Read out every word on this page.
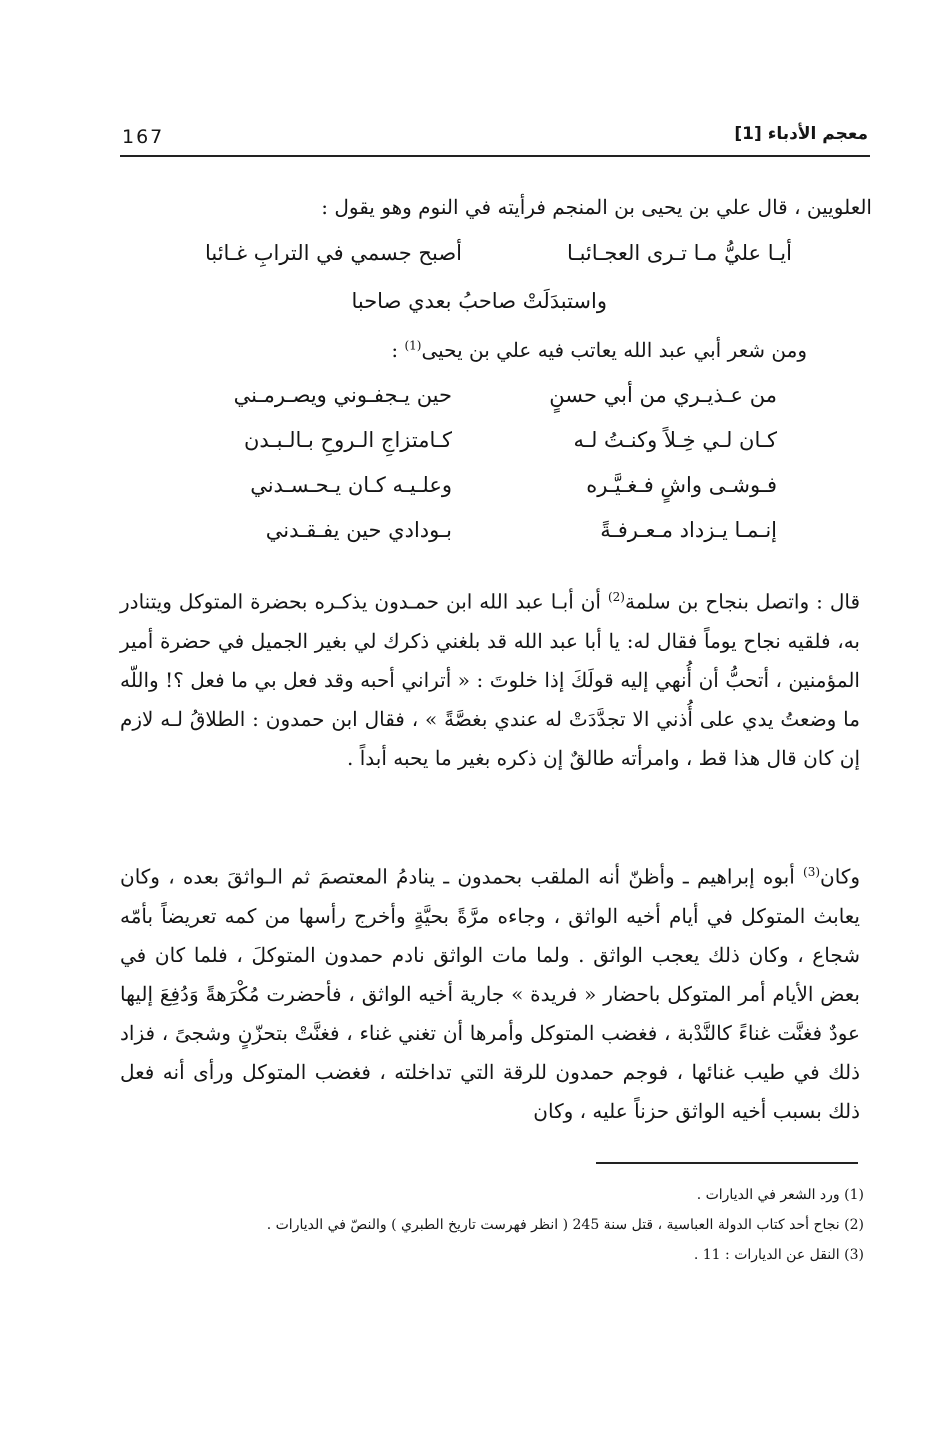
167	معجم الأدباء [1]
العلويين ، قال علي بن يحيى بن المنجم فرأيته في النوم وهو يقول :
أيـا عليُّ مـا تـرى العجـائبـا
أصبح جسمي في الترابِ غـائبا
واستبدَلَتْ صاحبُ بعدي صاحبا
ومن شعر أبي عبد الله يعاتب فيه علي بن يحيى$^{(1)}$ :
من عـذيـري من أبي حسنٍ
حين يـجفـوني ويصـرمـني
كـان لـي خِـلاً وكنـتُ لـه
كـامتزاجِ الـروحِ بـالـبـدن
فـوشـى واشٍ فـغـيَّـره
وعلـيـه كـان يـحـسـدني
إنـمـا يـزداد مـعـرفـةً
بـودادي حين يفـقـدني
قال : واتصل بنجاح بن سلمة$^{(2)}$ أن أبـا عبد الله ابن حمـدون يذكـره بحضرة المتوكل ويتنادر به، فلقيه نجاح يوماً فقال له: يا أبا عبد الله قد بلغني ذكرك لي بغير الجميل في حضرة أمير المؤمنين ، أتحبُّ أن أُنهي إليه قولَكَ إذا خلوتَ : « أتراني أحبه وقد فعل بي ما فعل ؟! واللّه ما وضعتُ يدي على أُذني الا تجدَّدَتْ له عندي بغصَّةً » ، فقال ابن حمدون : الطلاقُ لـه لازم إن كان قال هذا قط ، وامرأته طالقٌ إن ذكره بغير ما يحبه أبداً .
وكان$^{(3)}$ أبوه إبراهيم ـ وأظنّ أنه الملقب بحمدون ـ ينادمُ المعتصمَ ثم الـواثقَ بعده ، وكان يعابث المتوكل في أيام أخيه الواثق ، وجاءه مرَّةً بحيَّةٍ وأخرج رأسها من كمه تعريضاً بأمّه شجاع ، وكان ذلك يعجب الواثق . ولما مات الواثق نادم حمدون المتوكلَ ، فلما كان في بعض الأيام أمر المتوكل باحضار « فريدة » جارية أخيه الواثق ، فأحضرت مُكْرَهةً وَدُفِعَ إليها عودٌ فغنَّت غناءً كالنَّدْبة ، فغضب المتوكل وأمرها أن تغني غناء ، فغنَّتْ بتحزّنٍ وشجىً ، فزاد ذلك في طيب غنائها ، فوجم حمدون للرقة التي تداخلته ، فغضب المتوكل ورأى أنه فعل ذلك بسبب أخيه الواثق حزناً عليه ، وكان
(1) ورد الشعر في الديارات .
(2) نجاح أحد كتاب الدولة العباسية ، قتل سنة 245 ( انظر فهرست تاريخ الطبري ) والنصّ في الديارات .
(3) النقل عن الديارات : 11 .
